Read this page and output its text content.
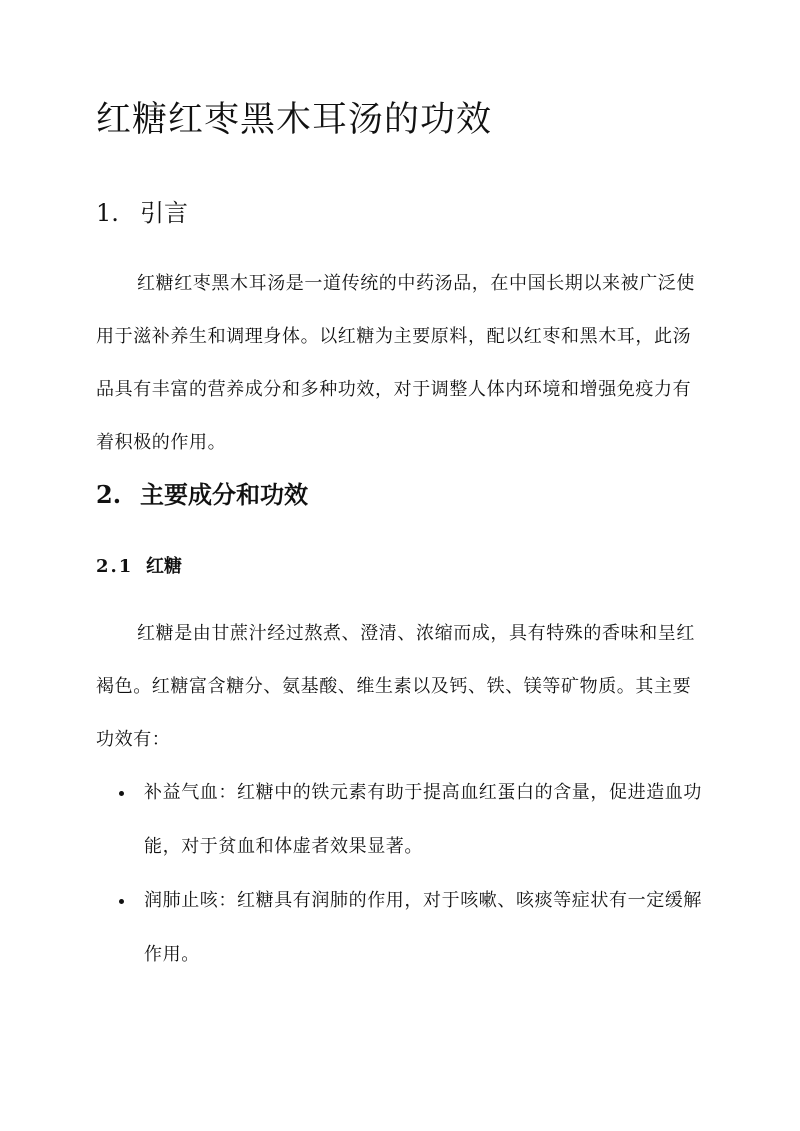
红糖红枣黑木耳汤的功效
1. 引言

红糖红枣黑木耳汤是一道传统的中药汤品，在中国长期以来被广泛使用于滋补养生和调理身体。以红糖为主要原料，配以红枣和黑木耳，此汤品具有丰富的营养成分和多种功效，对于调整人体内环境和增强免疫力有着积极的作用。

2. 主要成分和功效
2.1 红糖

红糖是由甘蔗汁经过熬煮、澄清、浓缩而成，具有特殊的香味和呈红褐色。红糖富含糖分、氨基酸、维生素以及钙、铁、镁等矿物质。其主要功效有：

补益气血：红糖中的铁元素有助于提高血红蛋白的含量，促进造血功能，对于贫血和体虚者效果显著。
润肺止咳：红糖具有润肺的作用，对于咳嗽、咳痰等症状有一定缓解作用。
